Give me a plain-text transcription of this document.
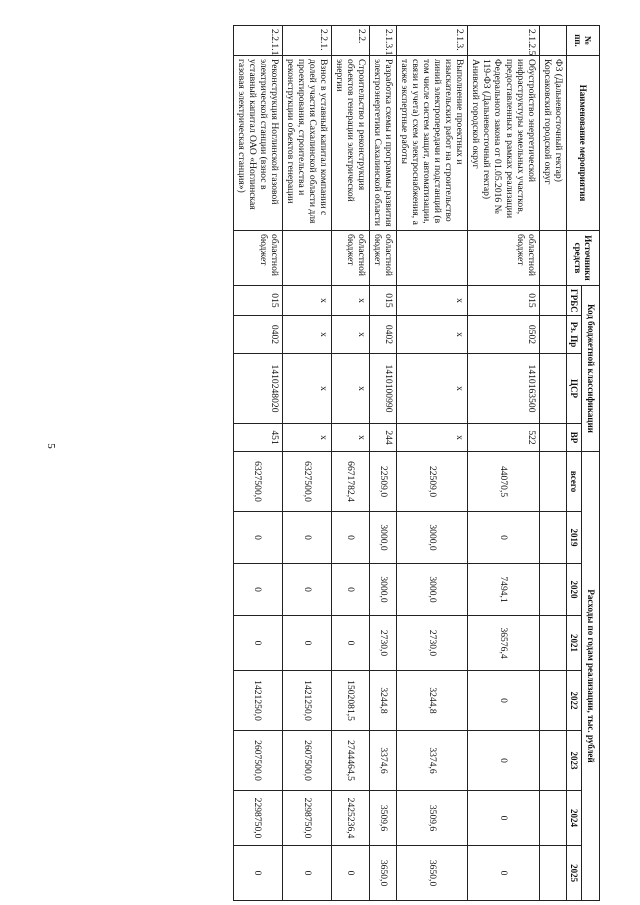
5
№ пп.	Наименование мероприятия	Источники средств	Код бюджетной классификации				Расходы по годам реализации, тыс. рублей							
			ГРБС	Рз. Пр	ЦСР	ВР	всего	2019	2020	2021	2022	2023	2024	2025
	ФЗ (Дальневосточный гектар) Корсаковский городской округ													
2.1.2.5	Обустройство энергетической инфраструктуры земельных участков, предоставленных в рамках реализации Федерального закона от 01.05.2016 № 119-ФЗ (Дальневосточный гектар) Анивский городской округ	областной бюджет	015	0502	1410163500	522	44070,5	0	7494,1	36576,4	0	0	0	0
2.1.3.	Выполнение проектных и изыскательских работ на строительство линий электропередачи и подстанций (в том числе систем защит, автоматизации, связи и учета) схем электроснабжения, а также экспертные работы		х	х	х	х	22509,0	3000,0	3000,0	2730,0	3244,8	3374,6	3509,6	3650,0
2.1.3.1	Разработка схемы и программы развития электроэнергетики Сахалинской области	областной бюджет	015	0402	1410100990	244	22509,0	3000,0	3000,0	2730,0	3244,8	3374,6	3509,6	3650,0
2.2.	Строительство и реконструкция объектов генерации электрической энергии	областной бюджет	х	х	х	х	6671782,4	0	0	0	1502081,5	2744464,5	2425236,4	0
2.2.1.	Взнос в уставный капитал компании с долей участия Сахалинской области для проектирования, строительства и реконструкции объектов генерации		х	х	х	х	6327500,0	0	0	0	1421250,0	2607500,0	2298750,0	0
2.2.1.1	Реконструкция Ноглинской газовой электрической станции (взнос в уставный капитал ОАО «Ноглинская газовая электрическая станция»)	областной бюджет	015	0402	1410248020	451	6327500,0	0	0	0	1421250,0	2607500,0	2298750,0	0
